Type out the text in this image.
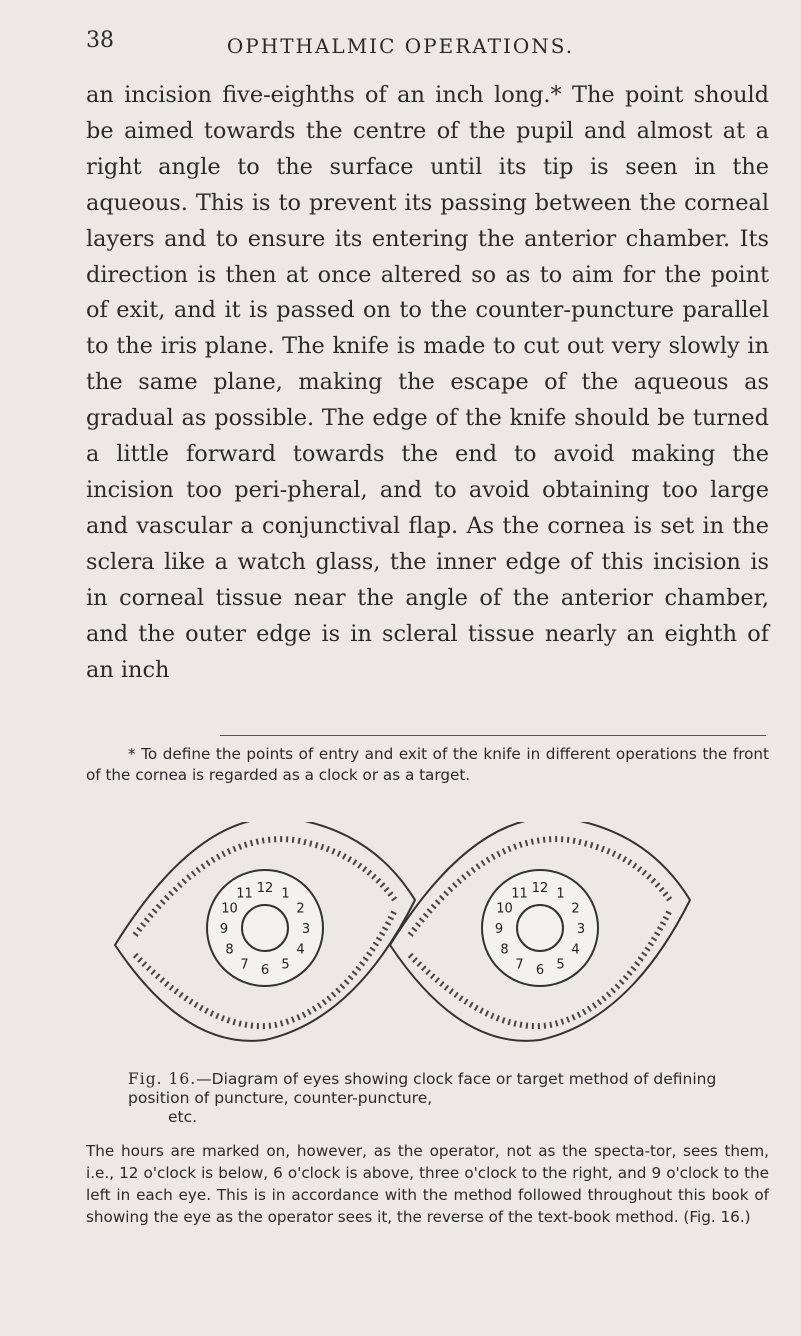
38	OPHTHALMIC OPERATIONS.

an incision five-eighths of an inch long.* The point should be aimed towards the centre of the pupil and almost at a right angle to the surface until its tip is seen in the aqueous. This is to prevent its passing between the corneal layers and to ensure its entering the anterior chamber. Its direction is then at once altered so as to aim for the point of exit, and it is passed on to the counter-puncture parallel to the iris plane. The knife is made to cut out very slowly in the same plane, making the escape of the aqueous as gradual as possible. The edge of the knife should be turned a little forward towards the end to avoid making the incision too peri-pheral, and to avoid obtaining too large and vascular a conjunctival flap. As the cornea is set in the sclera like a watch glass, the inner edge of this incision is in corneal tissue near the angle of the anterior chamber, and the outer edge is in scleral tissue nearly an eighth of an inch

* To define the points of entry and exit of the knife in different operations the front of the cornea is regarded as a clock or as a target.

12 1
2
3
4
5
6
7
8
9
10
11	12 1
2
3
4
5
6
7
8
9
10
11

Fig. 16.—Diagram of eyes showing clock face or target method of defining position of puncture, counter-puncture,
etc.

The hours are marked on, however, as the operator, not as the specta-tor, sees them, i.e., 12 o'clock is below, 6 o'clock is above, three o'clock to the right, and 9 o'clock to the left in each eye. This is in accordance with the method followed throughout this book of showing the eye as the operator sees it, the reverse of the text-book method. (Fig. 16.)
